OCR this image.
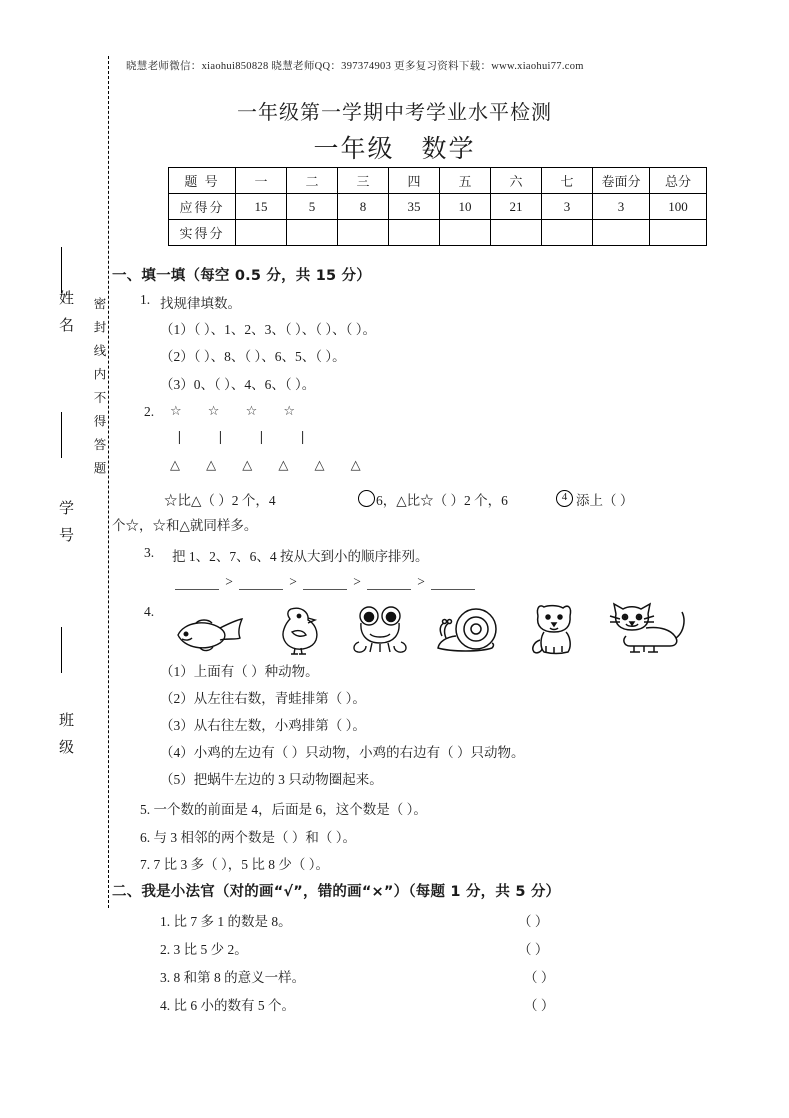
晓慧老师微信：xiaohui850828 晓慧老师QQ：397374903 更多复习资料下载：www.xiaohui77.com
一年级第一学期中考学业水平检测
一年级　数学
姓名
学号
班级
密封线内不得答题
题 号	一	二	三	四	五	六	七	卷面分	总分
应得分	15	5	8	35	10	21	3	3	100
实得分									
一、填一填（每空 0.5 分，共 15 分）
1. 找规律填数。
（1）（ ）、1、2、3、（ ）、（ ）、（ ）。
（2）（ ）、8、（ ）、6、5、（ ）。
（3）0、（ ）、4、6、（ ）。
2. ☆ ☆ ☆ ☆
❘ ❘ ❘ ❘
△ △ △ △ △ △
☆比△（ ）2 个，4	6，△比☆（ ）2 个，6	4 添上（ ）
个☆，☆和△就同样多。
3. 把 1、2、7、6、4 按从大到小的顺序排列。
>	>	>	>
4.
（1）上面有（ ）种动物。
（2）从左往右数，青蛙排第（ ）。
（3）从右往左数，小鸡排第（ ）。
（4）小鸡的左边有（ ）只动物，小鸡的右边有（ ）只动物。
（5）把蜗牛左边的 3 只动物圈起来。
5. 一个数的前面是 4，后面是 6，这个数是（ ）。
6. 与 3 相邻的两个数是（ ）和（ ）。
7. 7 比 3 多（ ），5 比 8 少（ ）。
二、我是小法官（对的画“√”，错的画“×”）（每题 1 分，共 5 分）
1. 比 7 多 1 的数是 8。	（ ）
2. 3 比 5 少 2。	（ ）
3. 8 和第 8 的意义一样。	（ ）
4. 比 6 小的数有 5 个。	（ ）
